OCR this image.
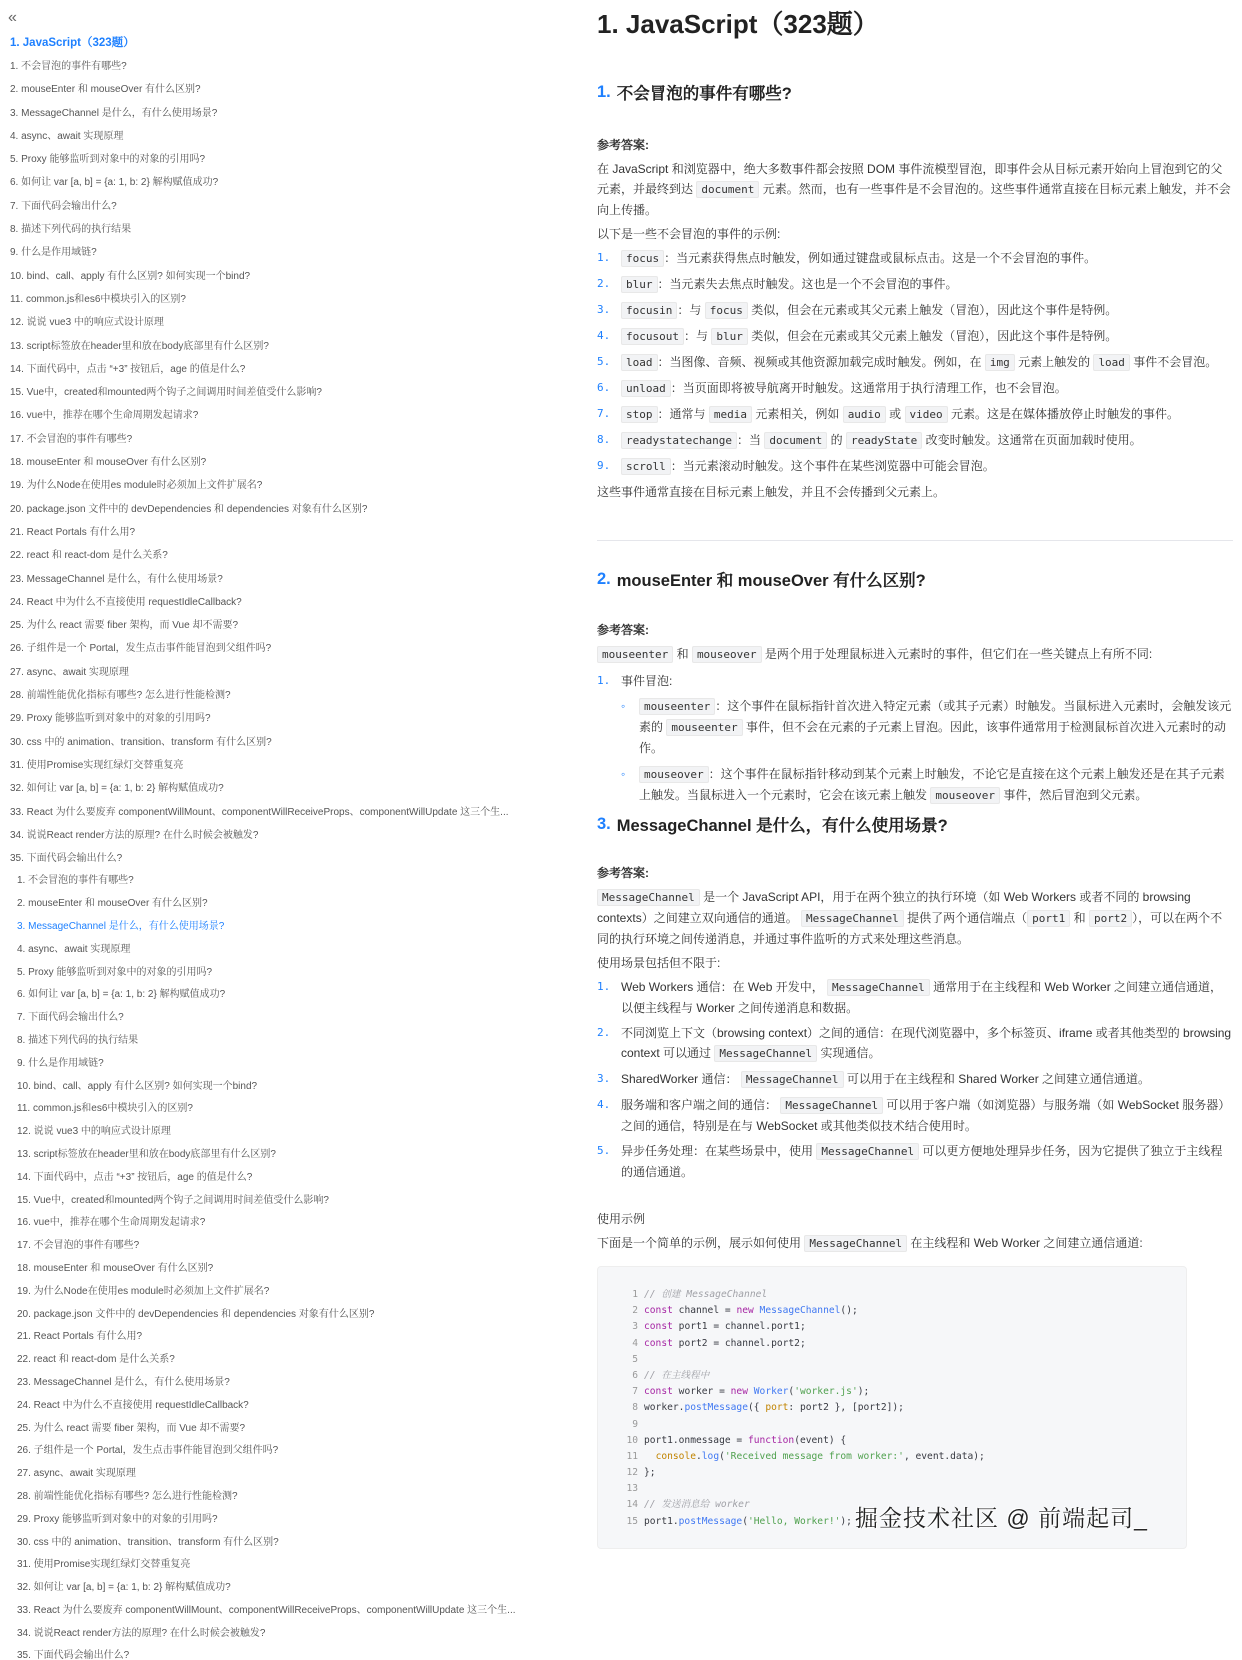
«
1. JavaScript（323题）
1. 不会冒泡的事件有哪些?
2. mouseEnter 和 mouseOver 有什么区别?
3. MessageChannel 是什么，有什么使用场景?
4. async、await 实现原理
5. Proxy 能够监听到对象中的对象的引用吗?
6. 如何让 var [a, b] = {a: 1, b: 2} 解构赋值成功?
7. 下面代码会输出什么?
8. 描述下列代码的执行结果
9. 什么是作用域链?
10. bind、call、apply 有什么区别? 如何实现一个bind?
11. common.js和es6中模块引入的区别?
12. 说说 vue3 中的响应式设计原理
13. script标签放在header里和放在body底部里有什么区别?
14. 下面代码中，点击 “+3” 按钮后，age 的值是什么?
15. Vue中，created和mounted两个钩子之间调用时间差值受什么影响?
16. vue中，推荐在哪个生命周期发起请求?
17. 不会冒泡的事件有哪些?
18. mouseEnter 和 mouseOver 有什么区别?
19. 为什么Node在使用es module时必须加上文件扩展名?
20. package.json 文件中的 devDependencies 和 dependencies 对象有什么区别?
21. React Portals 有什么用?
22. react 和 react-dom 是什么关系?
23. MessageChannel 是什么，有什么使用场景?
24. React 中为什么不直接使用 requestIdleCallback?
25. 为什么 react 需要 fiber 架构，而 Vue 却不需要?
26. 子组件是一个 Portal，发生点击事件能冒泡到父组件吗?
27. async、await 实现原理
28. 前端性能优化指标有哪些? 怎么进行性能检测?
29. Proxy 能够监听到对象中的对象的引用吗?
30. css 中的 animation、transition、transform 有什么区别?
31. 使用Promise实现红绿灯交替重复亮
32. 如何让 var [a, b] = {a: 1, b: 2} 解构赋值成功?
33. React 为什么要废弃 componentWillMount、componentWillReceiveProps、componentWillUpdate 这三个生...
34. 说说React render方法的原理? 在什么时候会被触发?
35. 下面代码会输出什么?
1. 不会冒泡的事件有哪些?
2. mouseEnter 和 mouseOver 有什么区别?
3. MessageChannel 是什么，有什么使用场景?
4. async、await 实现原理
5. Proxy 能够监听到对象中的对象的引用吗?
6. 如何让 var [a, b] = {a: 1, b: 2} 解构赋值成功?
7. 下面代码会输出什么?
8. 描述下列代码的执行结果
9. 什么是作用域链?
10. bind、call、apply 有什么区别? 如何实现一个bind?
11. common.js和es6中模块引入的区别?
12. 说说 vue3 中的响应式设计原理
13. script标签放在header里和放在body底部里有什么区别?
14. 下面代码中，点击 “+3” 按钮后，age 的值是什么?
15. Vue中，created和mounted两个钩子之间调用时间差值受什么影响?
16. vue中，推荐在哪个生命周期发起请求?
17. 不会冒泡的事件有哪些?
18. mouseEnter 和 mouseOver 有什么区别?
19. 为什么Node在使用es module时必须加上文件扩展名?
20. package.json 文件中的 devDependencies 和 dependencies 对象有什么区别?
21. React Portals 有什么用?
22. react 和 react-dom 是什么关系?
23. MessageChannel 是什么，有什么使用场景?
24. React 中为什么不直接使用 requestIdleCallback?
25. 为什么 react 需要 fiber 架构，而 Vue 却不需要?
26. 子组件是一个 Portal，发生点击事件能冒泡到父组件吗?
27. async、await 实现原理
28. 前端性能优化指标有哪些? 怎么进行性能检测?
29. Proxy 能够监听到对象中的对象的引用吗?
30. css 中的 animation、transition、transform 有什么区别?
31. 使用Promise实现红绿灯交替重复亮
32. 如何让 var [a, b] = {a: 1, b: 2} 解构赋值成功?
33. React 为什么要废弃 componentWillMount、componentWillReceiveProps、componentWillUpdate 这三个生...
34. 说说React render方法的原理? 在什么时候会被触发?
35. 下面代码会输出什么?
1. JavaScript（323题）
1. 不会冒泡的事件有哪些?
参考答案:

在 JavaScript 和浏览器中，绝大多数事件都会按照 DOM 事件流模型冒泡，即事件会从目标元素开始向上冒泡到它的父元素，并最终到达 document 元素。然而，也有一些事件是不会冒泡的。这些事件通常直接在目标元素上触发，并不会向上传播。

以下是一些不会冒泡的事件的示例:

1. focus ：当元素获得焦点时触发，例如通过键盘或鼠标点击。这是一个不会冒泡的事件。
2. blur ：当元素失去焦点时触发。这也是一个不会冒泡的事件。
3. focusin ：与 focus 类似，但会在元素或其父元素上触发（冒泡），因此这个事件是特例。
4. focusout ：与 blur 类似，但会在元素或其父元素上触发（冒泡），因此这个事件是特例。
5. load ：当图像、音频、视频或其他资源加载完成时触发。例如，在 img 元素上触发的 load 事件不会冒泡。
6. unload ：当页面即将被导航离开时触发。这通常用于执行清理工作，也不会冒泡。
7. stop ：通常与 media 元素相关，例如 audio 或 video 元素。这是在媒体播放停止时触发的事件。
8. readystatechange ：当 document 的 readyState 改变时触发。这通常在页面加载时使用。
9. scroll ：当元素滚动时触发。这个事件在某些浏览器中可能会冒泡。

这些事件通常直接在目标元素上触发，并且不会传播到父元素上。

2. mouseEnter 和 mouseOver 有什么区别?
参考答案:

mouseenter 和 mouseover 是两个用于处理鼠标进入元素时的事件，但它们在一些关键点上有所不同:

1. 事件冒泡:
◦ mouseenter ：这个事件在鼠标指针首次进入特定元素（或其子元素）时触发。当鼠标进入元素时，会触发该元素的 mouseenter 事件，但不会在元素的子元素上冒泡。因此，该事件通常用于检测鼠标首次进入元素时的动作。
◦ mouseover ：这个事件在鼠标指针移动到某个元素上时触发，不论它是直接在这个元素上触发还是在其子元素上触发。当鼠标进入一个元素时，它会在该元素上触发 mouseover 事件，然后冒泡到父元素。
3. MessageChannel 是什么，有什么使用场景?
参考答案:

MessageChannel 是一个 JavaScript API，用于在两个独立的执行环境（如 Web Workers 或者不同的 browsing contexts）之间建立双向通信的通道。 MessageChannel 提供了两个通信端点（ port1 和 port2 ），可以在两个不同的执行环境之间传递消息，并通过事件监听的方式来处理这些消息。

使用场景包括但不限于:

1. Web Workers 通信：在 Web 开发中， MessageChannel 通常用于在主线程和 Web Worker 之间建立通信通道，以便主线程与 Worker 之间传递消息和数据。
2. 不同浏览上下文（browsing context）之间的通信：在现代浏览器中，多个标签页、iframe 或者其他类型的 browsing context 可以通过 MessageChannel 实现通信。
3. SharedWorker 通信： MessageChannel 可以用于在主线程和 Shared Worker 之间建立通信通道。
4. 服务端和客户端之间的通信： MessageChannel 可以用于客户端（如浏览器）与服务端（如 WebSocket 服务器）之间的通信，特别是在与 WebSocket 或其他类似技术结合使用时。
5. 异步任务处理：在某些场景中，使用 MessageChannel 可以更方便地处理异步任务，因为它提供了独立于主线程的通信通道。

使用示例

下面是一个简单的示例，展示如何使用 MessageChannel 在主线程和 Web Worker 之间建立通信通道:

1 // 创建 MessageChannel
2 const channel = new MessageChannel();
3 const port1 = channel.port1;
4 const port2 = channel.port2;
5
6 // 在主线程中
7 const worker = new Worker('worker.js');
8 worker.postMessage({ port: port2 }, [port2]);
9
10 port1.onmessage = function(event) {
11 console.log('Received message from worker:', event.data);
12 };
13
14 // 发送消息给 worker
15 port1.postMessage('Hello, Worker!'); 掘金技术社区 @ 前端起司_
